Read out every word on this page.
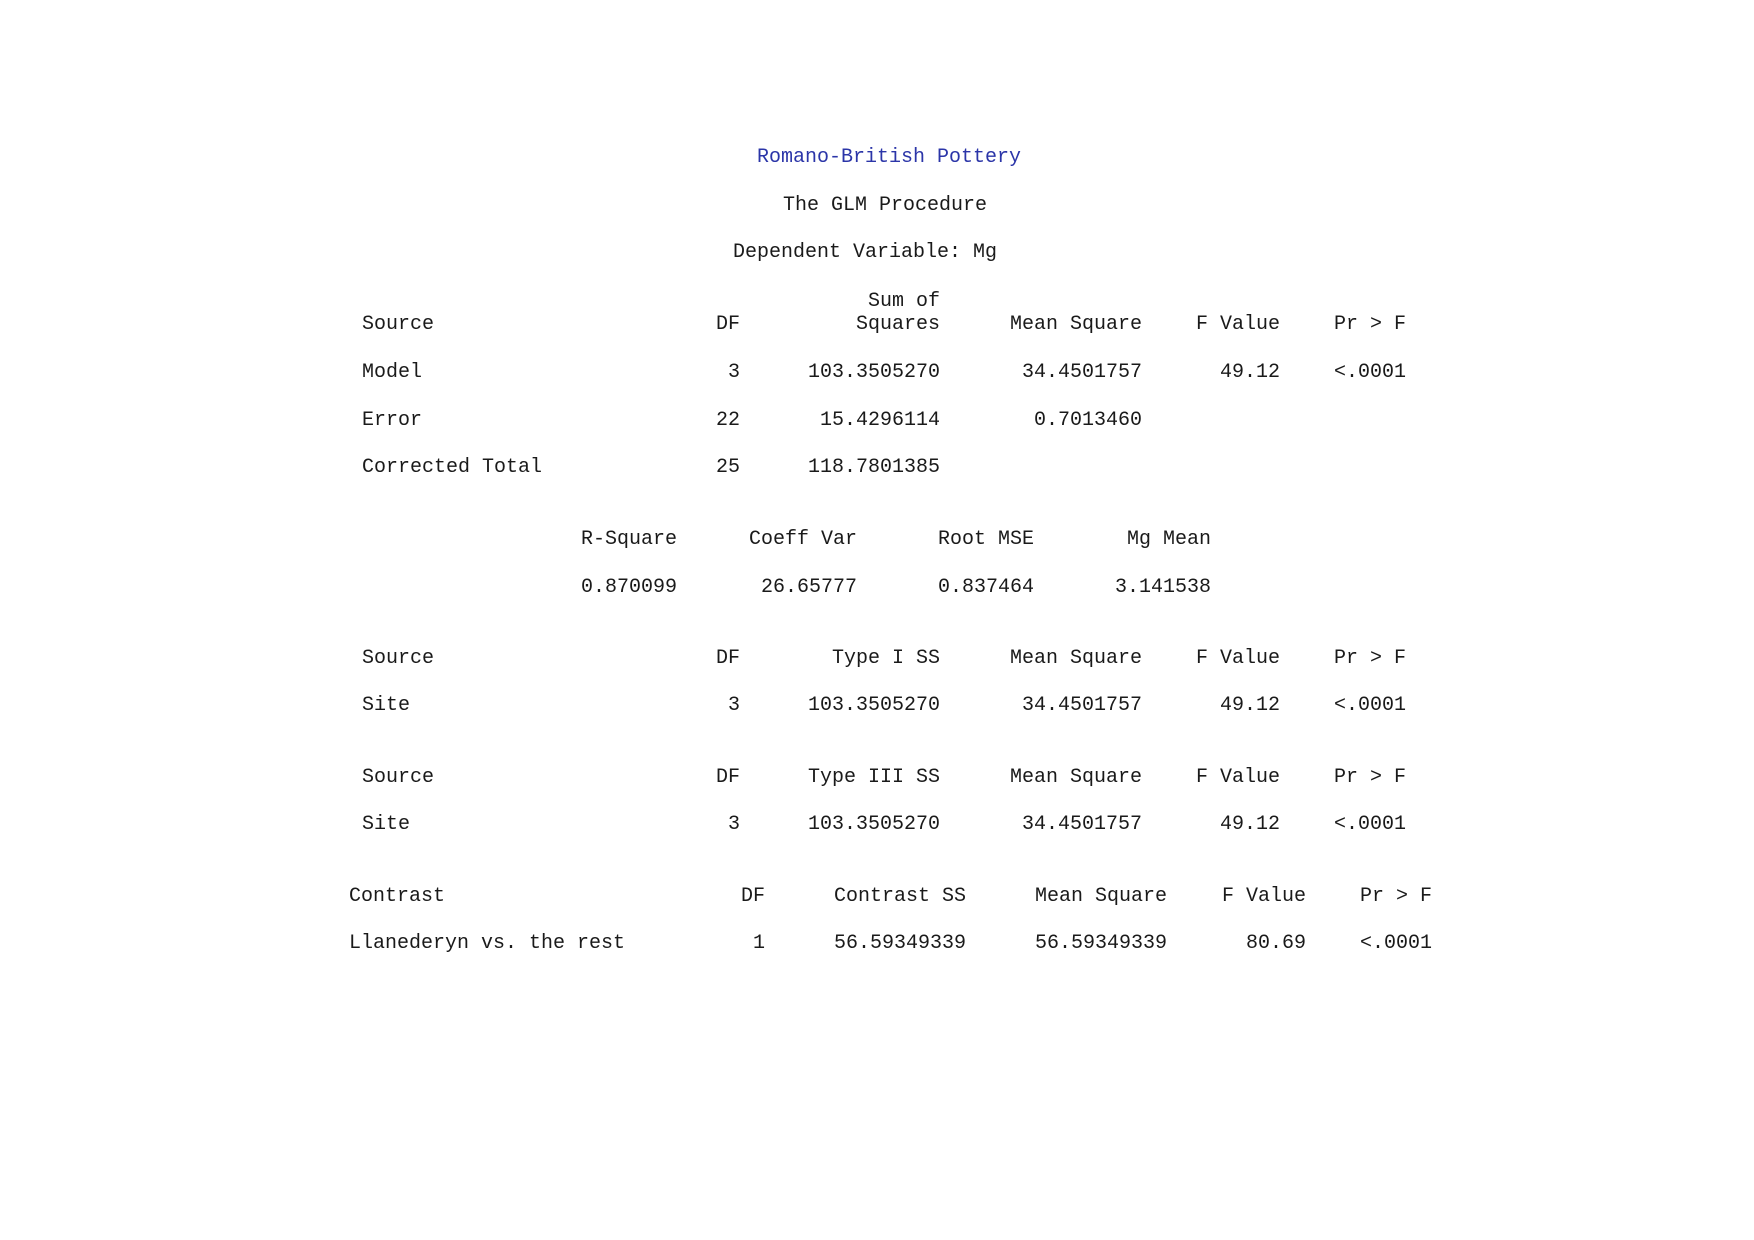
Romano-British Pottery
The GLM Procedure
Dependent Variable: Mg
Sum of
Source	DF	Squares	Mean Square	F Value	Pr > F
Model	3	103.3505270	34.4501757	49.12	<.0001
Error	22	15.4296114	0.7013460
Corrected Total	25	118.7801385
R-Square	Coeff Var	Root MSE	Mg Mean
0.870099	26.65777	0.837464	3.141538
Source	DF	Type I SS	Mean Square	F Value	Pr > F
Site	3	103.3505270	34.4501757	49.12	<.0001
Source	DF	Type III SS	Mean Square	F Value	Pr > F
Site	3	103.3505270	34.4501757	49.12	<.0001
Contrast	DF	Contrast SS	Mean Square	F Value	Pr > F
Llanederyn vs. the rest	1	56.59349339	56.59349339	80.69	<.0001
